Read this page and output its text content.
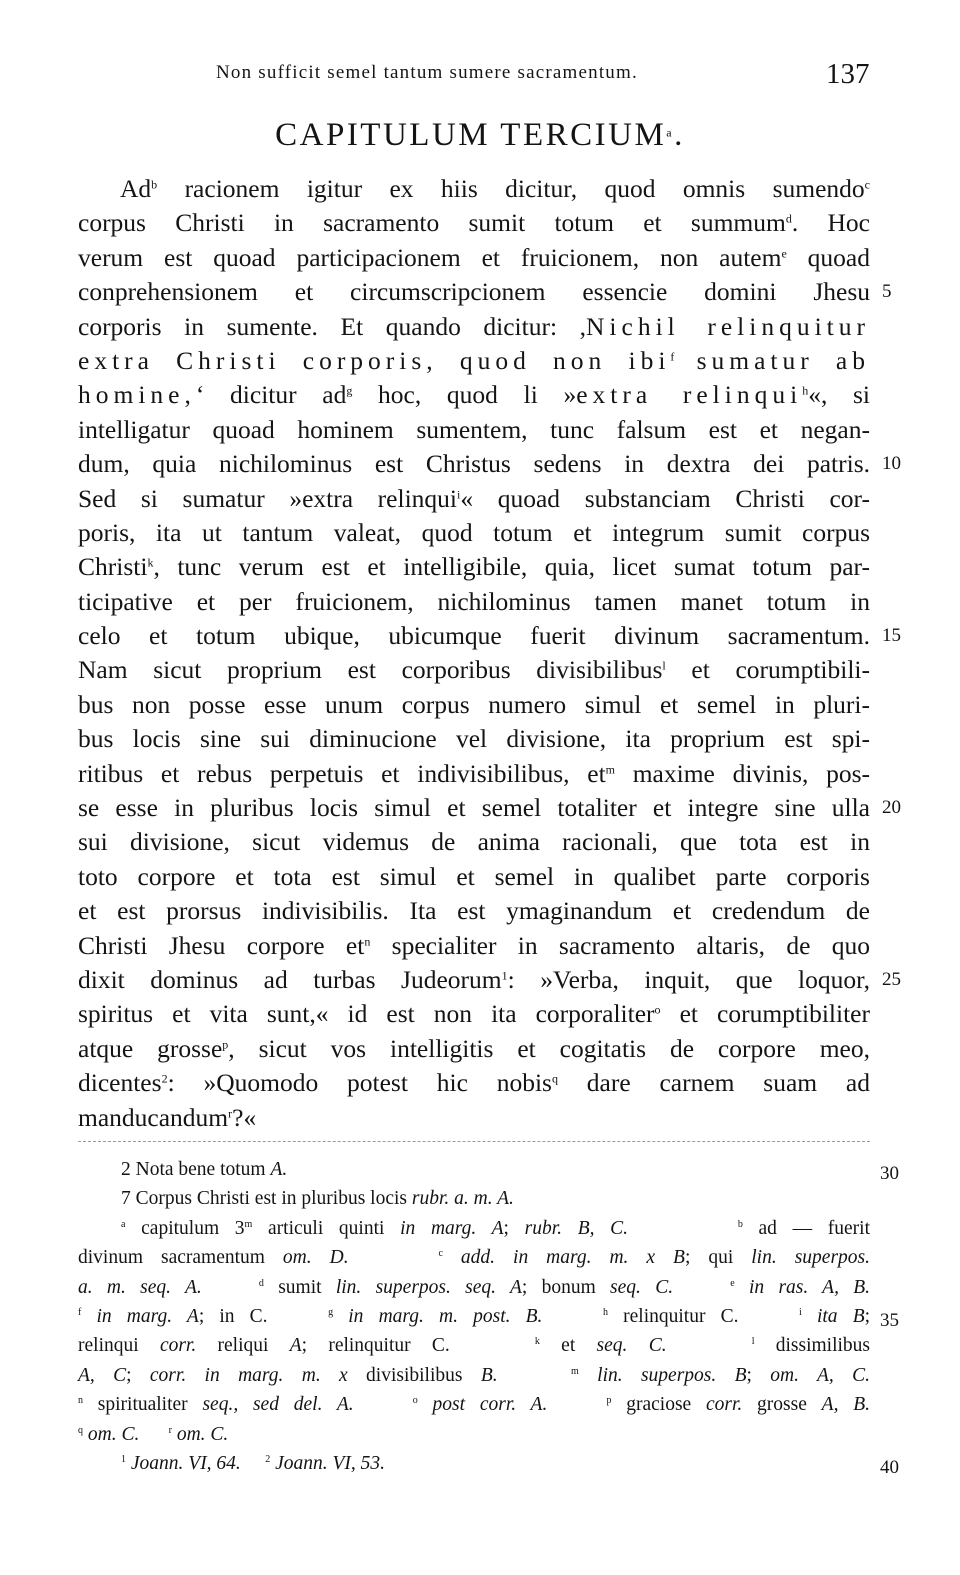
Non sufficit semel tantum sumere sacramentum.	137
CAPITULUM TERCIUM$^a$.
Ad$^b$ racionem igitur ex hiis dicitur, quod omnis sumendo$^c$
corpus Christi in sacramento sumit totum et summum$^d$. Hoc
verum est quoad participacionem et fruicionem, non autem$^e$ quoad
conprehensionem et circumscripcionem essencie domini Jhesu
corporis in sumente. Et quando dicitur: ,Nichil relinquitur
extra Christi corporis, quod non ibi$^f$ sumatur ab
homine,‘ dicitur $ad^g$ hoc, quod li »extra relinqui$^h$«, si
intelligatur quoad hominem sumentem, tunc falsum est et negan-
dum, quia nichilominus est Christus sedens in dextra dei patris.
Sed si sumatur »extra relinqui$^i$« quoad substanciam Christi cor-
poris, ita ut tantum valeat, quod totum et integrum sumit corpus
Christi$^k$, tunc verum est et intelligibile, quia, licet sumat totum par-
ticipative et per fruicionem, nichilominus tamen manet totum in
celo et totum ubique, ubicumque fuerit divinum sacramentum.
Nam sicut proprium est corporibus divisibilibus$^l$ et corumptibili-
bus non posse esse unum corpus numero simul et semel in pluri-
bus locis sine sui diminucione vel divisione, ita proprium est spi-
ritibus et rebus perpetuis et indivisibilibus, $et^m$ maxime divinis, pos-
se esse in pluribus locis simul et semel totaliter et integre sine ulla
sui divisione, sicut videmus de anima racionali, que tota est in
toto corpore et tota est simul et semel in qualibet parte corporis
et est prorsus indivisibilis. Ita est ymaginandum et credendum de
Christi Jhesu corpore $et^n$ specialiter in sacramento altaris, de quo
dixit dominus ad turbas Judeorum$^1$: »Verba, inquit, que loquor,
spiritus et vita sunt,« id est non ita corporaliter$^o$ et corumptibiliter
atque grosse$^p$, sicut vos intelligitis et cogitatis de corpore meo,
dicentes$^2$: »Quomodo potest hic nobis$^q$ dare carnem suam ad
manducandum$^r$?«
5
10
15
20
25
2 Nota bene totum A.
7 Corpus Christi est in pluribus locis rubr. a. m. A.
$^a$ capitulum 3$^m$ articuli quinti in marg. A; rubr. B, C.	$^b$ ad — fuerit
divinum sacramentum om. D.	$^c$ add. in marg. m. x B; qui lin. superpos.
a. m. seq. A.	$^d$ sumit lin. superpos. seq. A; bonum seq. C.	$^e$ in ras. A, B.
$^f$ in marg. A; in C.	$^g$ in marg. m. post. B.	$^h$ relinquitur C.	$^i$ ita B;
relinqui corr. reliqui A; relinquitur C.	$^k$ et seq. C.	$^l$ dissimilibus
A, C; corr. in marg. m. x divisibilibus B.	$^m$ lin. superpos. B; om. A, C.
$^n$ spiritualiter seq., sed del. A.	$^o$ post corr. A.	$^p$ graciose corr. grosse A, B.
$^q$ om. C.	$^r$ om. C.
$^1$ Joann. VI, 64. $^2$ Joann. VI, 53.
30
35
40
